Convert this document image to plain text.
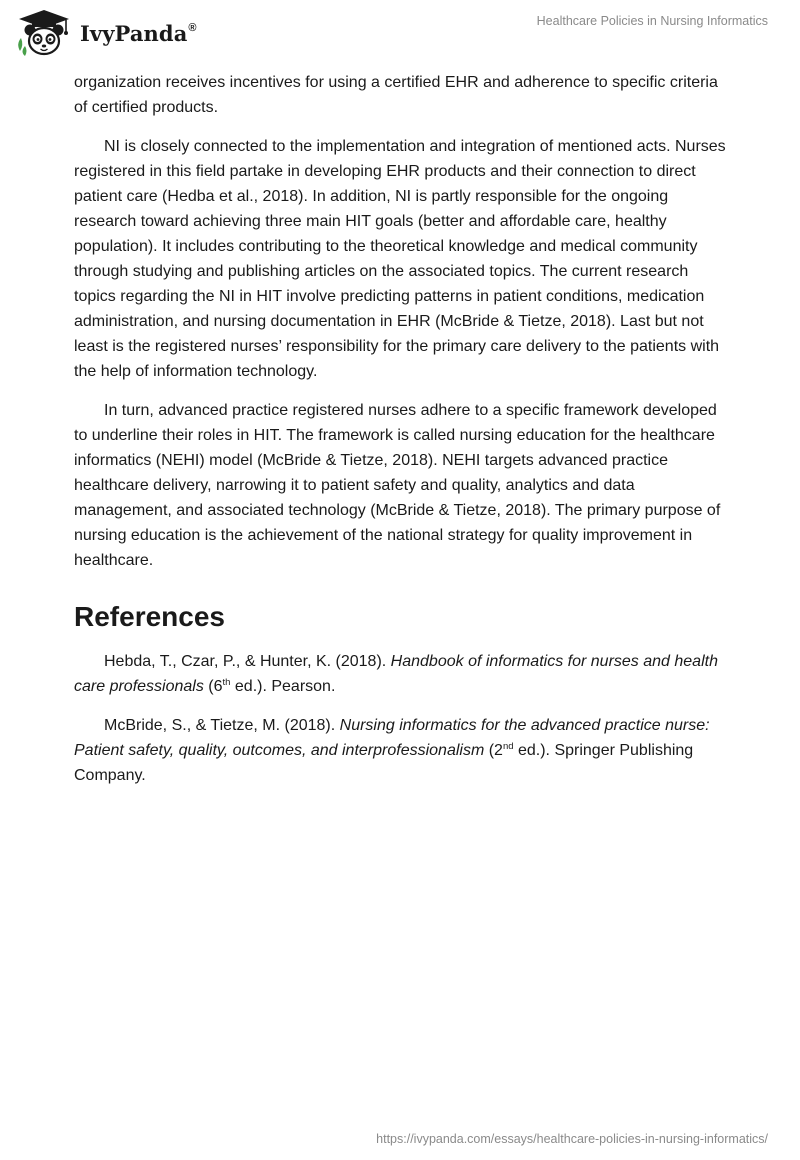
IvyPanda®	Healthcare Policies in Nursing Informatics

organization receives incentives for using a certified EHR and adherence to specific criteria of certified products.

NI is closely connected to the implementation and integration of mentioned acts. Nurses registered in this field partake in developing EHR products and their connection to direct patient care (Hedba et al., 2018). In addition, NI is partly responsible for the ongoing research toward achieving three main HIT goals (better and affordable care, healthy population). It includes contributing to the theoretical knowledge and medical community through studying and publishing articles on the associated topics. The current research topics regarding the NI in HIT involve predicting patterns in patient conditions, medication administration, and nursing documentation in EHR (McBride & Tietze, 2018). Last but not least is the registered nurses’ responsibility for the primary care delivery to the patients with the help of information technology.

In turn, advanced practice registered nurses adhere to a specific framework developed to underline their roles in HIT. The framework is called nursing education for the healthcare informatics (NEHI) model (McBride & Tietze, 2018). NEHI targets advanced practice healthcare delivery, narrowing it to patient safety and quality, analytics and data management, and associated technology (McBride & Tietze, 2018). The primary purpose of nursing education is the achievement of the national strategy for quality improvement in healthcare.

References

Hebda, T., Czar, P., & Hunter, K. (2018). Handbook of informatics for nurses and health care professionals (6th ed.). Pearson.

McBride, S., & Tietze, M. (2018). Nursing informatics for the advanced practice nurse: Patient safety, quality, outcomes, and interprofessionalism (2nd ed.). Springer Publishing Company.

https://ivypanda.com/essays/healthcare-policies-in-nursing-informatics/
